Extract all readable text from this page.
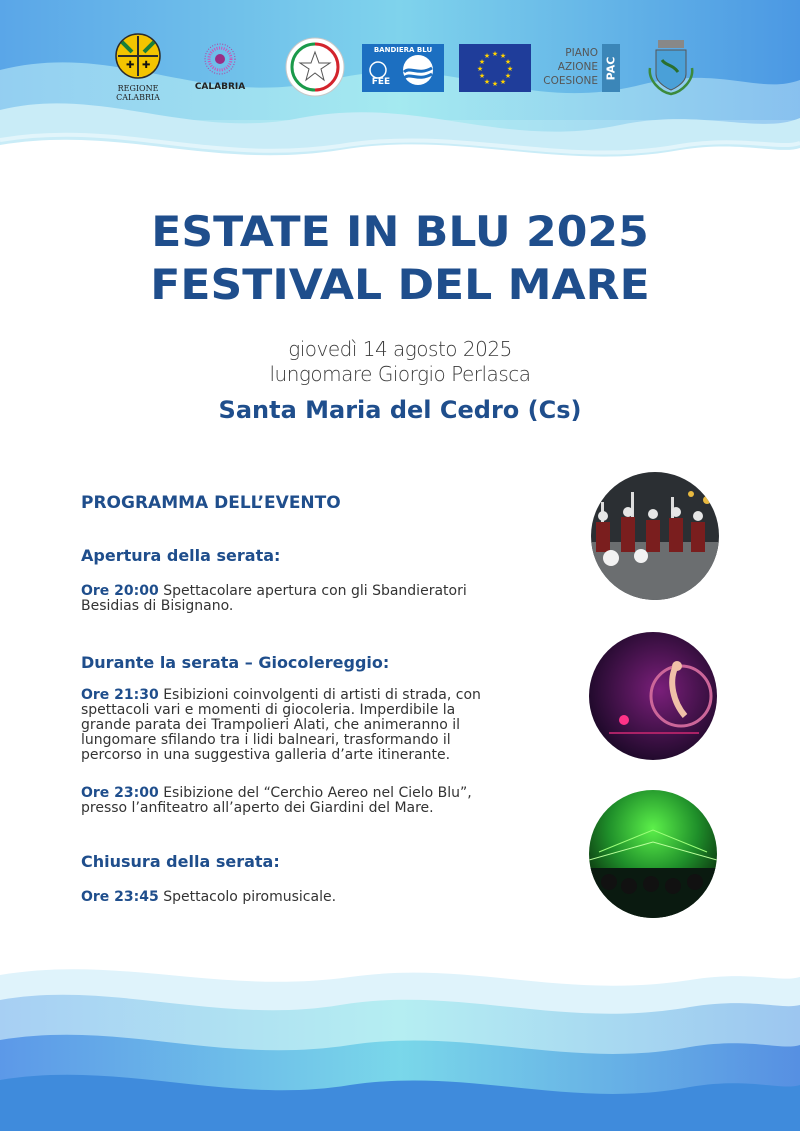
✚ ✚
REGIONE CALABRIA
CALABRIA
BANDIERA BLU
FEE
★ ★
★
★
★
★
★
★
★
★
★
★	PIANO
AZIONE
COESIONE
PAC
ESTATE IN BLU 2025
FESTIVAL DEL MARE
giovedì 14 agosto 2025
lungomare Giorgio Perlasca
Santa Maria del Cedro (Cs)
PROGRAMMA DELL’EVENTO
Apertura della serata:
Ore 20:00 Spettacolare apertura con gli Sbandieratori
Besidias di Bisignano.
Durante la serata – Giocolereggio:
Ore 21:30 Esibizioni coinvolgenti di artisti di strada, con
spettacoli vari e momenti di giocoleria. Imperdibile la
grande parata dei Trampolieri Alati, che animeranno il
lungomare sfilando tra i lidi balneari, trasformando il
percorso in una suggestiva galleria d’arte itinerante.
Ore 23:00 Esibizione del “Cerchio Aereo nel Cielo Blu”,
presso l’anfiteatro all’aperto dei Giardini del Mare.
Chiusura della serata:
Ore 23:45 Spettacolo piromusicale.
